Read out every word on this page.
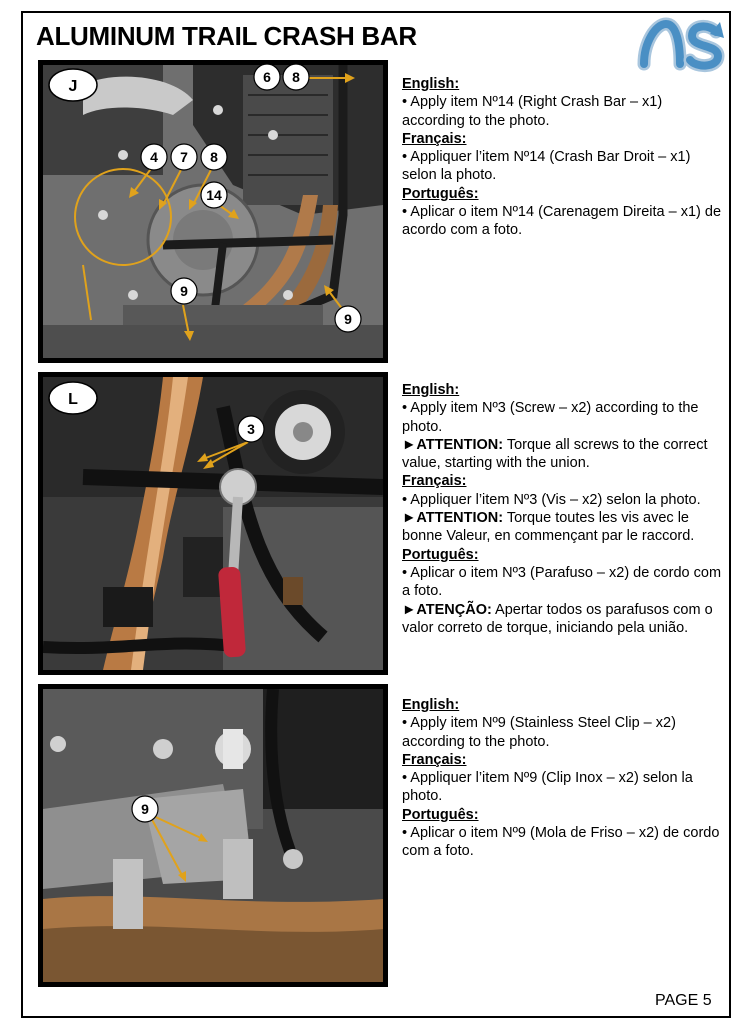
ALUMINUM TRAIL CRASH BAR
J
6 8
4 7 8
14
9
9

English:

• Apply item Nº14 (Right Crash Bar – x1) according to the photo.

Français:

• Appliquer l’item Nº14 (Crash Bar Droit – x1) selon la photo.

Português:

• Aplicar o item Nº14 (Carenagem Direita – x1) de acordo com a foto.

L
3

English:

• Apply item Nº3 (Screw – x2) according to the photo.

►ATTENTION: Torque all screws to the correct value, starting with the union.

Français:

• Appliquer l’item Nº3 (Vis – x2) selon la photo.

►ATTENTION: Torque toutes les vis avec le bonne Valeur, en commençant par le raccord.

Português:

• Aplicar o item Nº3 (Parafuso – x2) de cordo com a foto.

►ATENÇÃO: Apertar todos os parafusos com o valor correto de torque, iniciando pela união.

9

English:

• Apply item Nº9 (Stainless Steel Clip – x2) according to the photo.

Français:

• Appliquer l’item Nº9 (Clip Inox – x2) selon la photo.

Português:

• Aplicar o item Nº9 (Mola de Friso – x2) de cordo com a foto.

PAGE 5
